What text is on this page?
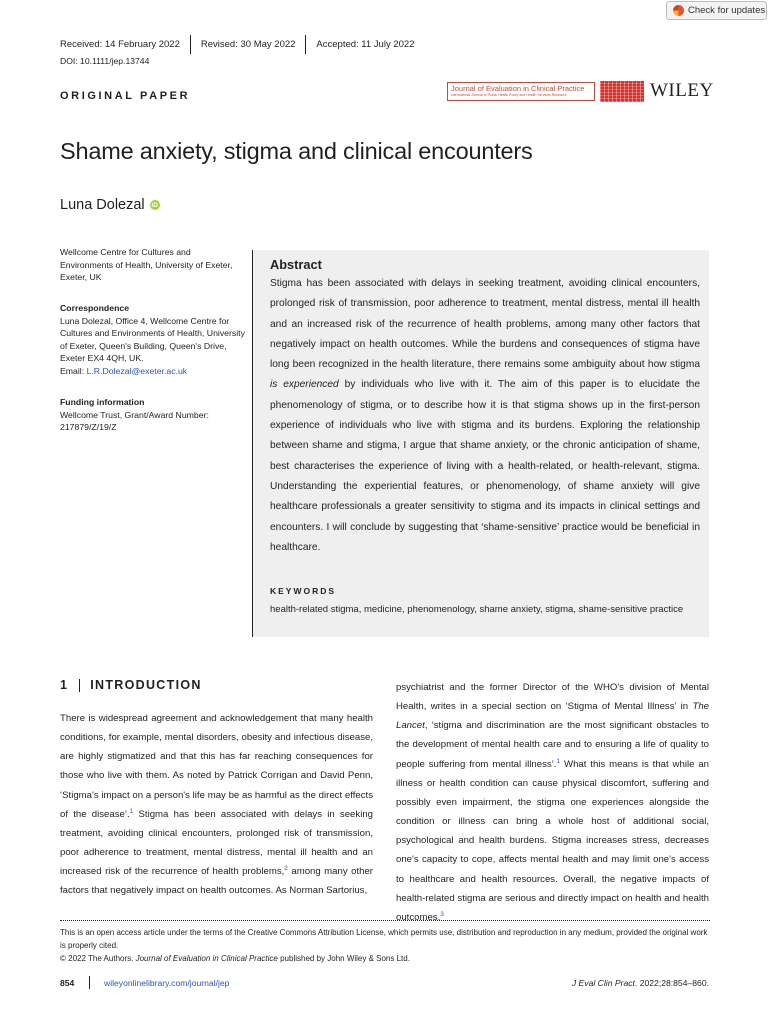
Check for updates
Received: 14 February 2022 Revised: 30 May 2022 Accepted: 11 July 2022
DOI: 10.1111/jep.13744
ORIGINAL PAPER
Journal of Evaluation in Clinical Practice
International Journal of Public Health Policy and Health Services Research	WILEY
Shame anxiety, stigma and clinical encounters
Luna Dolezal iD
Wellcome Centre for Cultures and Environments of Health, University of Exeter, Exeter, UK
Correspondence
Luna Dolezal, Office 4, Wellcome Centre for Cultures and Environments of Health, University of Exeter, Queen's Building, Queen's Drive, Exeter EX4 4QH, UK.
Email: L.R.Dolezal@exeter.ac.uk
Funding information
Wellcome Trust, Grant/Award Number: 217879/Z/19/Z
Abstract

Stigma has been associated with delays in seeking treatment, avoiding clinical encounters, prolonged risk of transmission, poor adherence to treatment, mental distress, mental ill health and an increased risk of the recurrence of health problems, among many other factors that negatively impact on health outcomes. While the burdens and consequences of stigma have long been recognized in the health literature, there remains some ambiguity about how stigma is experienced by individuals who live with it. The aim of this paper is to elucidate the phenomenology of stigma, or to describe how it is that stigma shows up in the first-person experience of individuals who live with stigma and its burdens. Exploring the relationship between shame and stigma, I argue that shame anxiety, or the chronic anticipation of shame, best characterises the experience of living with a health-related, or health-relevant, stigma. Understanding the experiential features, or phenomenology, of shame anxiety will give healthcare professionals a greater sensitivity to stigma and its impacts in clinical settings and encounters. I will conclude by suggesting that ‘shame-sensitive’ practice would be beneficial in healthcare.

KEYWORDS

health-related stigma, medicine, phenomenology, shame anxiety, stigma, shame-sensitive practice

1 INTRODUCTION

There is widespread agreement and acknowledgement that many health conditions, for example, mental disorders, obesity and infectious disease, are highly stigmatized and that this has far reaching consequences for those who live with them. As noted by Patrick Corrigan and David Penn, ‘Stigma's impact on a person's life may be as harmful as the direct effects of the disease’.$^1$ Stigma has been associated with delays in seeking treatment, avoiding clinical encounters, prolonged risk of transmission, poor adherence to treatment, mental distress, mental ill health and an increased risk of the recurrence of health problems,$^2$ among many other factors that negatively impact on health outcomes. As Norman Sartorius,

psychiatrist and the former Director of the WHO's division of Mental Health, writes in a special section on ‘Stigma of Mental Illness’ in The Lancet, ‘stigma and discrimination are the most significant obstacles to the development of mental health care and to ensuring a life of quality to people suffering from mental illness’.$^1$ What this means is that while an illness or health condition can cause physical discomfort, suffering and possibly even impairment, the stigma one experiences alongside the condition or illness can bring a whole host of additional social, psychological and health burdens. Stigma increases stress, decreases one's capacity to cope, affects mental health and may limit one's access to healthcare and health resources. Overall, the negative impacts of health-related stigma are serious and directly impact on health and health outcomes.$^3$

This is an open access article under the terms of the Creative Commons Attribution License, which permits use, distribution and reproduction in any medium, provided the original work is properly cited.
© 2022 The Authors. Journal of Evaluation in Clinical Practice published by John Wiley & Sons Ltd.

854	wileyonlinelibrary.com/journal/jep	J Eval Clin Pract. 2022;28:854–860.
